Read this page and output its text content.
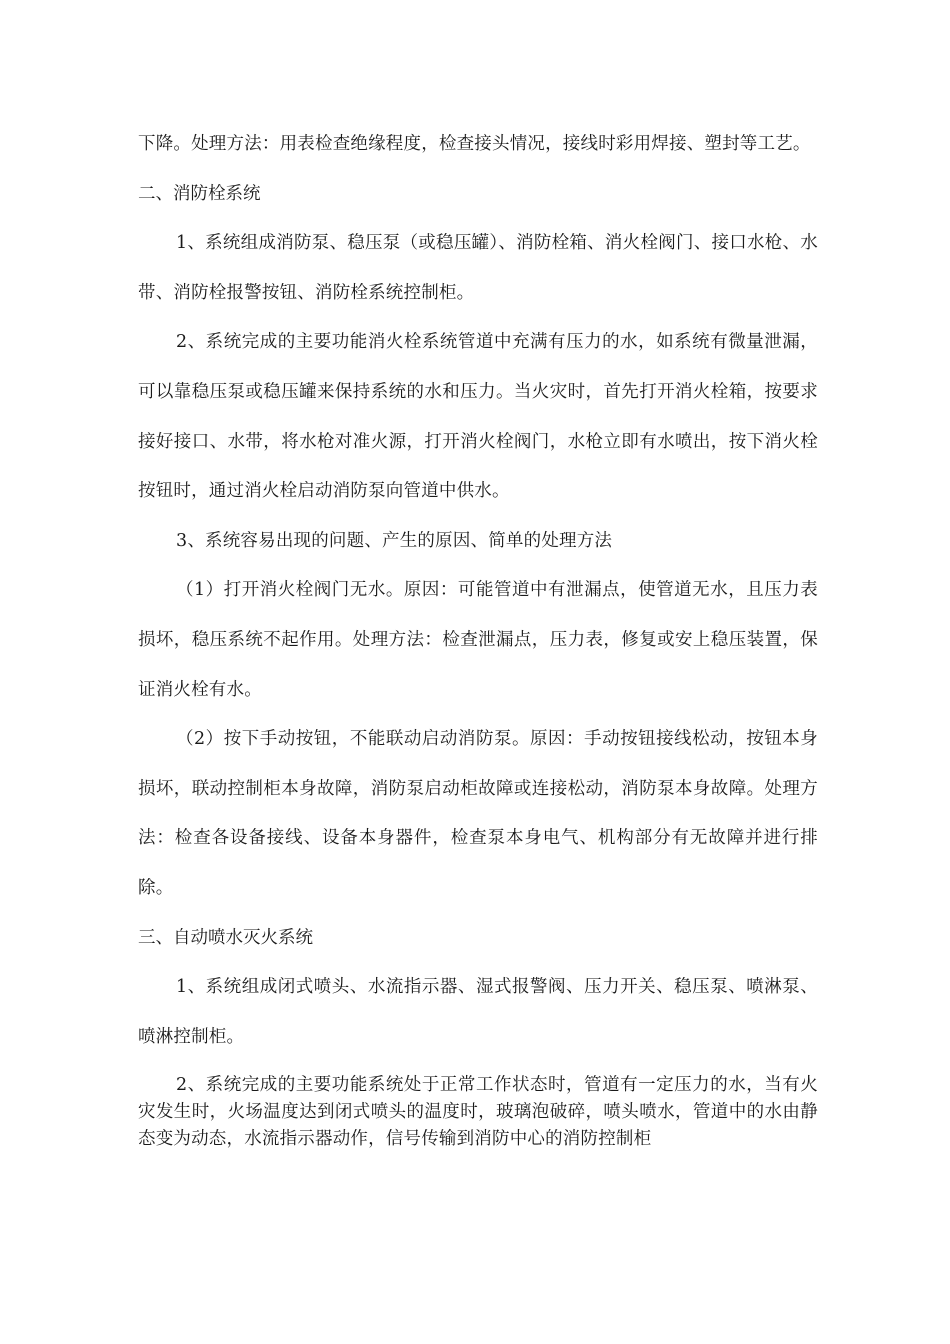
下降。处理方法：用表检查绝缘程度，检查接头情况，接线时彩用焊接、塑封等工艺。

二、消防栓系统

1、系统组成消防泵、稳压泵（或稳压罐）、消防栓箱、消火栓阀门、接口水枪、水带、消防栓报警按钮、消防栓系统控制柜。

2、系统完成的主要功能消火栓系统管道中充满有压力的水，如系统有微量泄漏，可以靠稳压泵或稳压罐来保持系统的水和压力。当火灾时，首先打开消火栓箱，按要求接好接口、水带，将水枪对准火源，打开消火栓阀门，水枪立即有水喷出，按下消火栓按钮时，通过消火栓启动消防泵向管道中供水。

3、系统容易出现的问题、产生的原因、简单的处理方法

（1）打开消火栓阀门无水。原因：可能管道中有泄漏点，使管道无水，且压力表损坏，稳压系统不起作用。处理方法：检查泄漏点，压力表，修复或安上稳压装置，保证消火栓有水。

（2）按下手动按钮，不能联动启动消防泵。原因：手动按钮接线松动，按钮本身损坏，联动控制柜本身故障，消防泵启动柜故障或连接松动，消防泵本身故障。处理方法：检查各设备接线、设备本身器件，检查泵本身电气、机构部分有无故障并进行排除。

三、自动喷水灭火系统

1、系统组成闭式喷头、水流指示器、湿式报警阀、压力开关、稳压泵、喷淋泵、喷淋控制柜。

2、系统完成的主要功能系统处于正常工作状态时，管道有一定压力的水，当有火灾发生时，火场温度达到闭式喷头的温度时，玻璃泡破碎，喷头喷水，管道中的水由静态变为动态，水流指示器动作，信号传输到消防中心的消防控制柜
